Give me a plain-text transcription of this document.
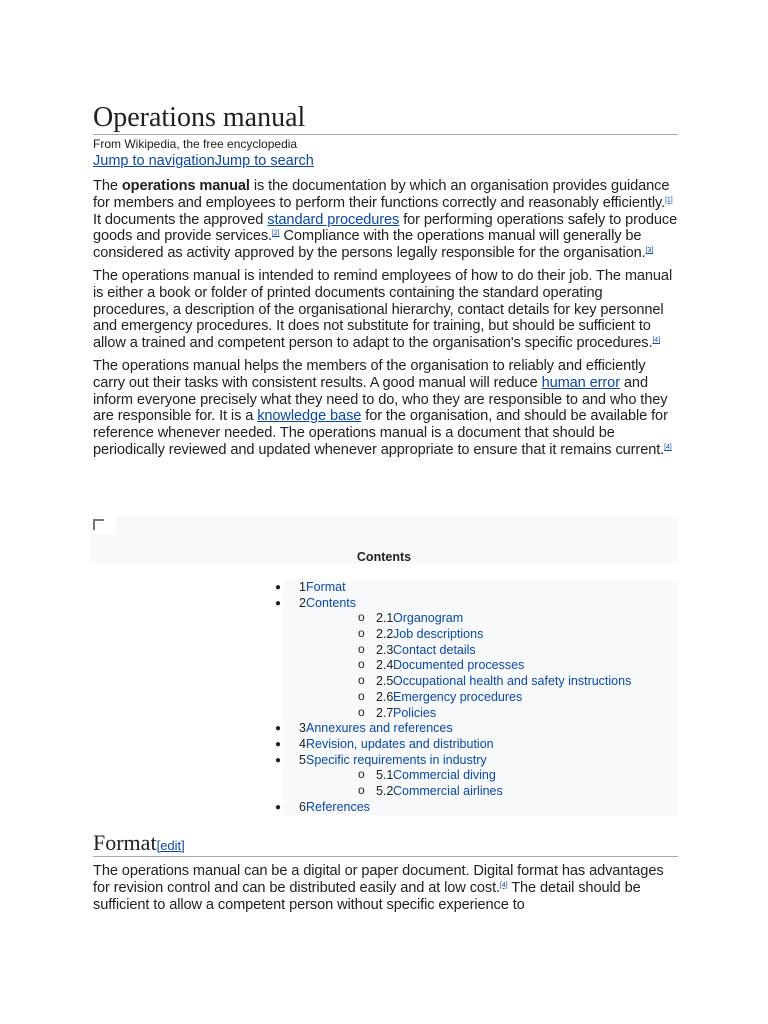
Operations manual
From Wikipedia, the free encyclopedia
Jump to navigationJump to search

The operations manual is the documentation by which an organisation provides guidance for members and employees to perform their functions correctly and reasonably efficiently.[1] It documents the approved standard procedures for performing operations safely to produce goods and provide services.[2] Compliance with the operations manual will generally be considered as activity approved by the persons legally responsible for the organisation.[3]

The operations manual is intended to remind employees of how to do their job. The manual is either a book or folder of printed documents containing the standard operating procedures, a description of the organisational hierarchy, contact details for key personnel and emergency procedures. It does not substitute for training, but should be sufficient to allow a trained and competent person to adapt to the organisation's specific procedures.[4]

The operations manual helps the members of the organisation to reliably and efficiently carry out their tasks with consistent results. A good manual will reduce human error and inform everyone precisely what they need to do, who they are responsible to and who they are responsible for. It is a knowledge base for the organisation, and should be available for reference whenever needed. The operations manual is a document that should be periodically reviewed and updated whenever appropriate to ensure that it remains current.[4]

Contents
● 1 Format
● 2 Contents
o 2.1 Organogram
o 2.2 Job descriptions
o 2.3 Contact details
o 2.4 Documented processes
o 2.5 Occupational health and safety instructions
o 2.6 Emergency procedures
o 2.7 Policies
● 3 Annexures and references
● 4 Revision, updates and distribution
● 5 Specific requirements in industry
o 5.1 Commercial diving
o 5.2 Commercial airlines
● 6 References
Format[edit]

The operations manual can be a digital or paper document. Digital format has advantages for revision control and can be distributed easily and at low cost.[4] The detail should be sufficient to allow a competent person without specific experience to
